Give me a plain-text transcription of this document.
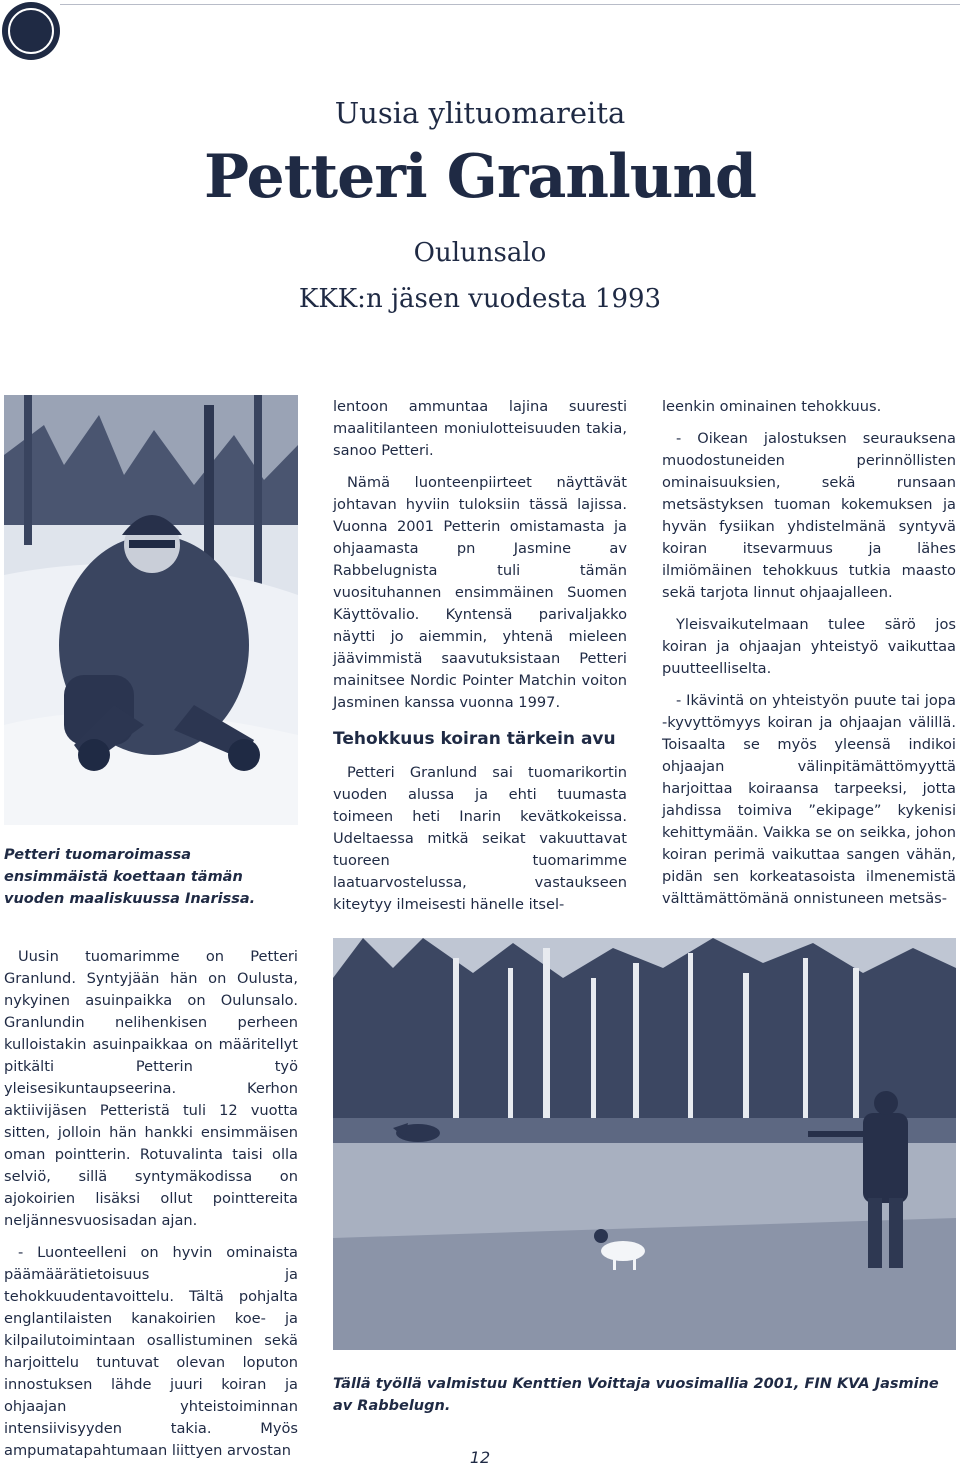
Uusia ylituomareita
Petteri Granlund
Oulunsalo
KKK:n jäsen vuodesta 1993
Petteri tuomaroimassa ensimmäistä koettaan tämän vuoden maaliskuussa Inarissa.

lentoon ammuntaa lajina suuresti maalitilanteen moniulotteisuuden takia, sanoo Petteri.

Nämä luonteenpiirteet näyttävät johtavan hyviin tuloksiin tässä lajissa. Vuonna 2001 Petterin omistamasta ja ohjaamasta pn Jasmine av Rabbelugnista tuli tämän vuosituhannen ensimmäinen Suomen Käyttövalio. Kyntensä parivaljakko näytti jo aiemmin, yhtenä mieleen jäävimmistä saavutuksistaan Petteri mainitsee Nordic Pointer Matchin voiton Jasminen kanssa vuonna 1997.

Tehokkuus koiran tärkein avu

Petteri Granlund sai tuomarikortin vuoden alussa ja ehti tuumasta toimeen heti Inarin kevätkokeissa. Udeltaessa mitkä seikat vakuuttavat tuoreen tuomarimme laatuarvostelussa, vastaukseen kiteytyy ilmeisesti hänelle itsel-

leenkin ominainen tehokkuus.

- Oikean jalostuksen seurauksena muodostuneiden perinnöllisten ominaisuuksien, sekä runsaan metsästyksen tuoman kokemuksen ja hyvän fysiikan yhdistelmänä syntyvä koiran itsevarmuus ja lähes ilmiömäinen tehokkuus tutkia maasto sekä tarjota linnut ohjaajalleen.

Yleisvaikutelmaan tulee särö jos koiran ja ohjaajan yhteistyö vaikuttaa puutteelliselta.

- Ikävintä on yhteistyön puute tai jopa -kyvyttömyys koiran ja ohjaajan välillä. Toisaalta se myös yleensä indikoi ohjaajan välinpitämättömyyttä harjoittaa koiraansa tarpeeksi, jotta jahdissa toimiva ”ekipage” kykenisi kehittymään. Vaikka se on seikka, johon koiran perimä vaikuttaa sangen vähän, pidän sen korkeatasoista ilmenemistä välttämättömänä onnistuneen metsäs-

Uusin tuomarimme on Petteri Granlund. Syntyjään hän on Oulusta, nykyinen asuinpaikka on Oulunsalo. Granlundin nelihenkisen perheen kulloistakin asuinpaikkaa on määritellyt pitkälti Petterin työ yleisesikuntaupseerina. Kerhon aktiivijäsen Petteristä tuli 12 vuotta sitten, jolloin hän hankki ensimmäisen oman pointterin. Rotuvalinta taisi olla selviö, sillä syntymäkodissa on ajokoirien lisäksi ollut pointtereita neljännesvuosisadan ajan.

- Luonteelleni on hyvin ominaista päämäärätietoisuus ja tehokkuudentavoittelu. Tältä pohjalta englantilaisten kanakoirien koe- ja kilpailutoimintaan osallistuminen sekä harjoittelu tuntuvat olevan loputon innostuksen lähde juuri koiran ja ohjaajan yhteistoiminnan intensiivisyyden takia. Myös ampumatapahtumaan liittyen arvostan

Tällä työllä valmistuu Kenttien Voittaja vuosimallia 2001, FIN KVA Jasmine av Rabbelugn.
12
